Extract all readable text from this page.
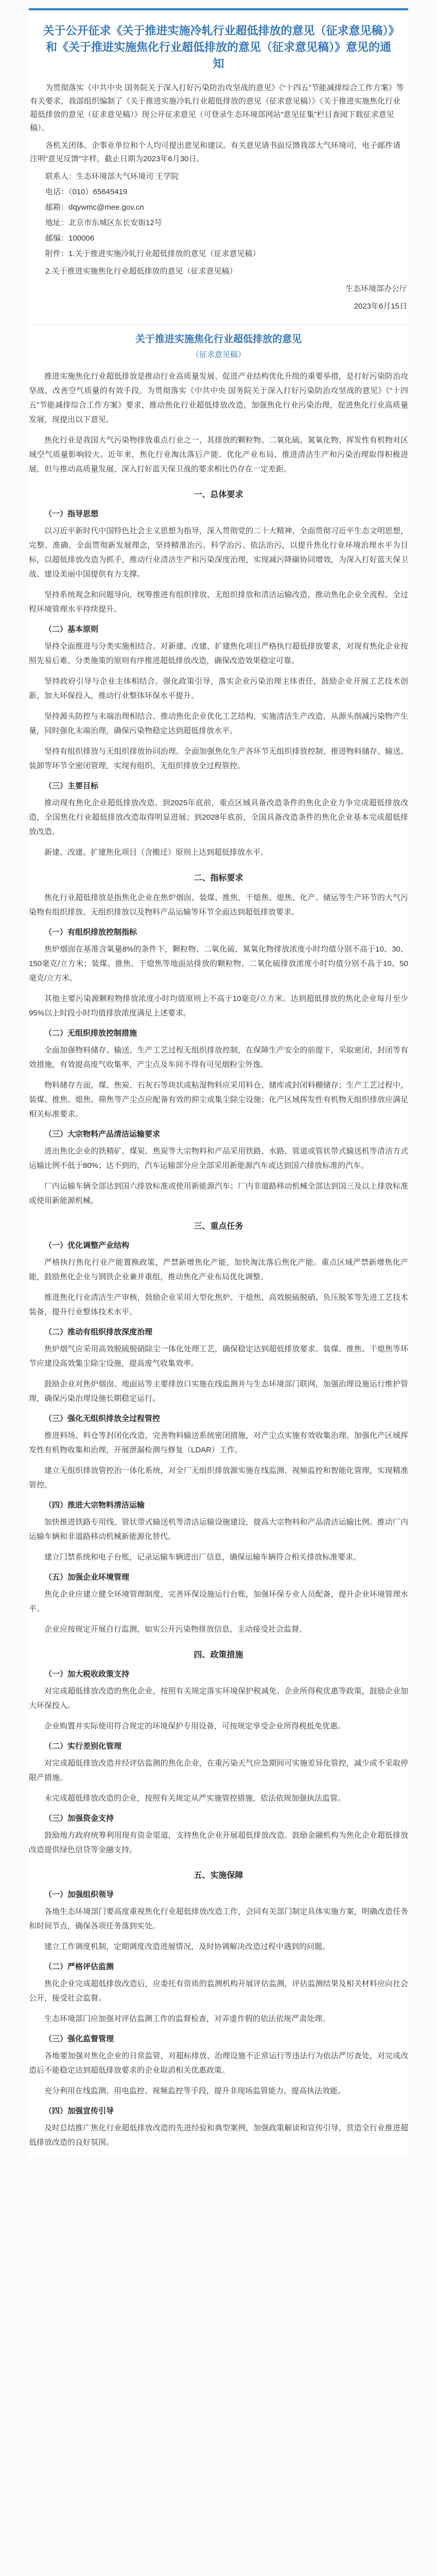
关于公开征求《关于推进实施冷轧行业超低排放的意见（征求意见稿）》和《关于推进实施焦化行业超低排放的意见（征求意见稿）》意见的通知

为贯彻落实《中共中央 国务院关于深入打好污染防治攻坚战的意见》《“十四五”节能减排综合工作方案》等有关要求，我部组织编制了《关于推进实施冷轧行业超低排放的意见（征求意见稿）》《关于推进实施焦化行业超低排放的意见（征求意见稿）》现公开征求意见（可登录生态环境部网站“意见征集”栏目查阅下载征求意见稿）。

各机关团体、企事业单位和个人均可提出意见和建议。有关意见请书面反馈我部大气环境司，电子邮件请注明“意见反馈”字样，截止日期为2023年6月30日。

联系人：生态环境部大气环境司 王学院

电话：（010）65645419

邮箱：dqywmc@mee.gov.cn

地址：北京市东城区东长安街12号

邮编：100006

附件：1.关于推进实施冷轧行业超低排放的意见（征求意见稿）

2.关于推进实施焦化行业超低排放的意见（征求意见稿）

生态环境部办公厅

2023年6月15日

关于推进实施焦化行业超低排放的意见
（征求意见稿）

推进实施焦化行业超低排放是推动行业高质量发展、促进产业结构优化升级的重要举措，是打好污染防治攻坚战、改善空气质量的有效手段。为贯彻落实《中共中央 国务院关于深入打好污染防治攻坚战的意见》《“十四五”节能减排综合工作方案》要求，推动焦化行业超低排放改造，加强焦化行业污染治理，促进焦化行业高质量发展，现提出以下意见。

焦化行业是我国大气污染物排放重点行业之一，其排放的颗粒物、二氧化硫、氮氧化物、挥发性有机物对区域空气质量影响较大。近年来，焦化行业淘汰落后产能、优化产业布局、推进清洁生产和污染治理取得积极进展，但与推动高质量发展、深入打好蓝天保卫战的要求相比仍存在一定差距。

一、总体要求
（一）指导思想

以习近平新时代中国特色社会主义思想为指导，深入贯彻党的二十大精神，全面贯彻习近平生态文明思想，完整、准确、全面贯彻新发展理念，坚持精准治污、科学治污、依法治污，以提升焦化行业环境治理水平为目标，以超低排放改造为抓手，推动行业清洁生产和污染深度治理，实现减污降碳协同增效，为深入打好蓝天保卫战、建设美丽中国提供有力支撑。

坚持系统观念和问题导向，统筹推进有组织排放、无组织排放和清洁运输改造，推动焦化企业全流程、全过程环境管理水平持续提升。

（二）基本原则

坚持全面推进与分类实施相结合。对新建、改建、扩建焦化项目严格执行超低排放要求，对现有焦化企业按照先易后难、分类施策的原则有序推进超低排放改造，确保改造效果稳定可靠。

坚持政府引导与企业主体相结合。强化政策引导，落实企业污染治理主体责任，鼓励企业开展工艺技术创新，加大环保投入，推动行业整体环保水平提升。

坚持源头防控与末端治理相结合。推动焦化企业优化工艺结构，实施清洁生产改造，从源头削减污染物产生量，同时强化末端治理，确保污染物稳定达到超低排放水平。

坚持有组织排放与无组织排放协同治理。全面加强焦化生产各环节无组织排放控制，推进物料储存、输送、装卸等环节全密闭管理，实现有组织、无组织排放全过程管控。

（三）主要目标

推动现有焦化企业超低排放改造。到2025年底前，重点区域具备改造条件的焦化企业力争完成超低排放改造，全国焦化行业超低排放改造取得明显进展；到2028年底前，全国具备改造条件的焦化企业基本完成超低排放改造。

新建、改建、扩建焦化项目（含搬迁）原则上达到超低排放水平。

二、指标要求

焦化行业超低排放是指焦化企业在焦炉烟囱、装煤、推焦、干熄焦、熄焦、化产、储运等生产环节的大气污染物有组织排放、无组织排放以及物料产品运输等环节全面达到超低排放要求。

（一）有组织排放控制指标

焦炉烟囱在基准含氧量8%的条件下，颗粒物、二氧化硫、氮氧化物排放浓度小时均值分别不高于10、30、150毫克/立方米；装煤、推焦、干熄焦等地面站排放的颗粒物、二氧化硫排放浓度小时均值分别不高于10、50毫克/立方米。

其他主要污染源颗粒物排放浓度小时均值原则上不高于10毫克/立方米。达到超低排放的焦化企业每月至少95%以上时段小时均值排放浓度满足上述要求。

（二）无组织排放控制措施

全面加强物料储存、输送、生产工艺过程无组织排放控制，在保障生产安全的前提下，采取密闭、封闭等有效措施，有效提高废气收集率，产尘点及车间不得有可见烟粉尘外逸。

物料储存方面，煤、焦炭、石灰石等块状或粘湿物料应采用料仓、储库或封闭料棚储存；生产工艺过程中，装煤、推焦、熄焦、筛焦等产尘点应配备有效的抑尘或集尘除尘设施；化产区域挥发性有机物无组织排放应满足相关标准要求。

（三）大宗物料产品清洁运输要求

进出焦化企业的铁精矿、煤炭、焦炭等大宗物料和产品采用铁路、水路、管道或管状带式输送机等清洁方式运输比例不低于80%；达不到的，汽车运输部分应全部采用新能源汽车或达到国六排放标准的汽车。

厂内运输车辆全部达到国六排放标准或使用新能源汽车；厂内非道路移动机械全部达到国三及以上排放标准或使用新能源机械。

三、重点任务
（一）优化调整产业结构

严格执行焦化行业产能置换政策，严禁新增焦化产能，加快淘汰落后焦化产能。重点区域严禁新增焦化产能，鼓励焦化企业与钢铁企业兼并重组，推动焦化产业布局优化调整。

推进焦化行业清洁生产审核，鼓励企业采用大型化焦炉、干熄焦、高效脱硫脱硝、负压脱苯等先进工艺技术装备，提升行业整体技术水平。

（二）推动有组织排放深度治理

焦炉烟气应采用高效脱硫脱硝除尘一体化处理工艺，确保稳定达到超低排放要求。装煤、推焦、干熄焦等环节应建设高效集尘除尘设施，提高废气收集效率。

鼓励企业对焦炉烟囱、地面站等主要排放口实施在线监测并与生态环境部门联网，加强治理设施运行维护管理，确保污染治理设施长期稳定运行。

（三）强化无组织排放全过程管控

推进料场、料仓等封闭化改造，完善物料输送系统密闭措施，对产尘点实施有效收集治理。加强化产区域挥发性有机物收集和治理，开展泄漏检测与修复（LDAR）工作。

建立无组织排放管控治一体化系统，对全厂无组织排放源实施在线监测、视频监控和智能化管理，实现精准管控。

（四）推进大宗物料清洁运输

加快推进铁路专用线、管状带式输送机等清洁运输设施建设，提高大宗物料和产品清洁运输比例。推动厂内运输车辆和非道路移动机械新能源化替代。

建立门禁系统和电子台账，记录运输车辆进出厂信息，确保运输车辆符合相关排放标准要求。

（五）加强企业环境管理

焦化企业应建立健全环境管理制度，完善环保设施运行台账，加强环保专业人员配备，提升企业环境管理水平。

企业应按规定开展自行监测，如实公开污染物排放信息，主动接受社会监督。

四、政策措施
（一）加大税收政策支持

对完成超低排放改造的焦化企业，按照有关规定落实环境保护税减免、企业所得税优惠等政策，鼓励企业加大环保投入。

企业购置并实际使用符合规定的环境保护专用设备，可按规定享受企业所得税抵免优惠。

（二）实行差别化管理

对完成超低排放改造并经评估监测的焦化企业，在重污染天气应急期间可实施差异化管控，减少或不采取停限产措施。

未完成超低排放改造的企业，按照有关规定从严实施管控措施，依法依规加强执法监管。

（三）加强资金支持

鼓励地方政府统筹利用现有资金渠道，支持焦化企业开展超低排放改造。鼓励金融机构为焦化企业超低排放改造提供绿色信贷等金融支持。

五、实施保障
（一）加强组织领导

各地生态环境部门要高度重视焦化行业超低排放改造工作，会同有关部门制定具体实施方案，明确改造任务和时间节点，确保各项任务落到实处。

建立工作调度机制，定期调度改造进展情况，及时协调解决改造过程中遇到的问题。

（二）严格评估监测

焦化企业完成超低排放改造后，应委托有资质的监测机构开展评估监测，评估监测结果及相关材料应向社会公开，接受社会监督。

生态环境部门应加强对评估监测工作的监督检查，对弄虚作假的依法依规严肃处理。

（三）强化监督管理

各地要加强对焦化企业的日常监管，对超标排放、治理设施不正常运行等违法行为依法严厉查处，对完成改造后不能稳定达到超低排放要求的企业取消相关优惠政策。

充分利用在线监测、用电监控、视频监控等手段，提升非现场监管能力，提高执法效能。

（四）加强宣传引导

及时总结推广焦化行业超低排放改造的先进经验和典型案例，加强政策解读和宣传引导，营造全行业推进超低排放改造的良好氛围。
